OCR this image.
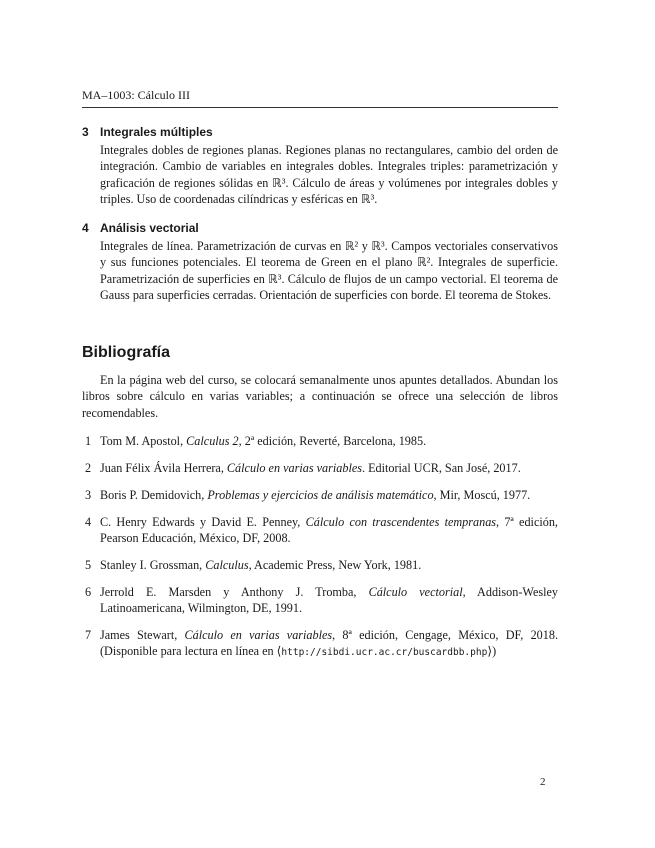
MA–1003: Cálculo III
3 Integrales múltiples
Integrales dobles de regiones planas. Regiones planas no rectangulares, cambio del orden de integración. Cambio de variables en integrales dobles. Integrales triples: parametrización y graficación de regiones sólidas en ℝ³. Cálculo de áreas y volúmenes por integrales dobles y triples. Uso de coordenadas cilíndricas y esféricas en ℝ³.
4 Análisis vectorial
Integrales de línea. Parametrización de curvas en ℝ² y ℝ³. Campos vectoriales conservativos y sus funciones potenciales. El teorema de Green en el plano ℝ². Integrales de superficie. Parametrización de superficies en ℝ³. Cálculo de flujos de un campo vectorial. El teorema de Gauss para superficies cerradas. Orientación de superficies con borde. El teorema de Stokes.
Bibliografía
En la página web del curso, se colocará semanalmente unos apuntes detallados. Abundan los libros sobre cálculo en varias variables; a continuación se ofrece una selección de libros recomendables.
1 Tom M. Apostol, Calculus 2, 2ª edición, Reverté, Barcelona, 1985.
2 Juan Félix Ávila Herrera, Cálculo en varias variables. Editorial UCR, San José, 2017.
3 Boris P. Demidovich, Problemas y ejercicios de análisis matemático, Mir, Moscú, 1977.
4 C. Henry Edwards y David E. Penney, Cálculo con trascendentes tempranas, 7ª edición, Pearson Educación, México, DF, 2008.
5 Stanley I. Grossman, Calculus, Academic Press, New York, 1981.
6 Jerrold E. Marsden y Anthony J. Tromba, Cálculo vectorial, Addison-Wesley Latinoamericana, Wilmington, DE, 1991.
7 James Stewart, Cálculo en varias variables, 8ª edición, Cengage, México, DF, 2018. (Disponible para lectura en línea en ⟨http://sibdi.ucr.ac.cr/buscardbb.php⟩)
2
